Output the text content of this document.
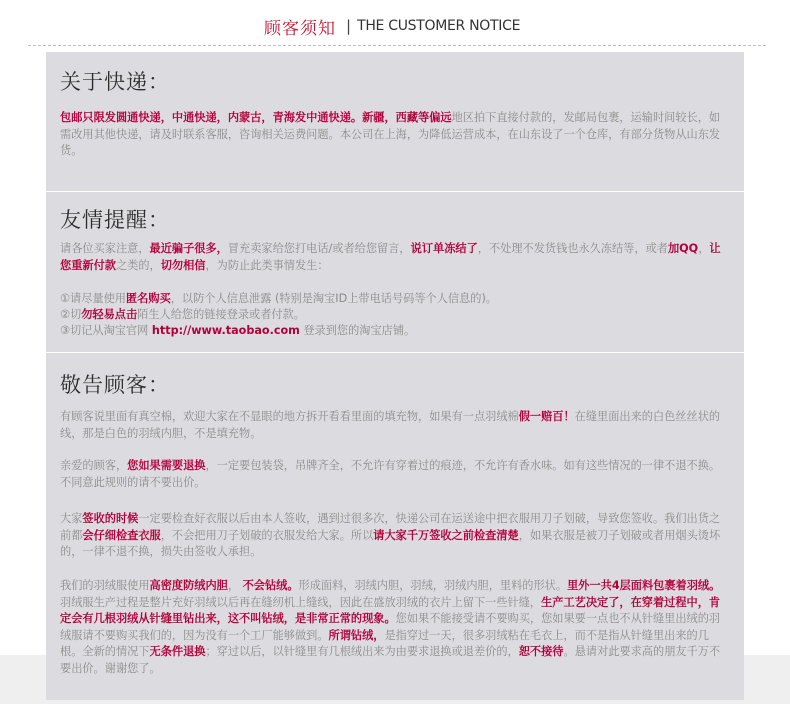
顾客须知 | THE CUSTOMER NOTICE
关于快递：
包邮只限发圆通快递，中通快递，内蒙古，青海发中通快递。新疆，西藏等偏远地区拍下直接付款的，发邮局包裹，运输时间较长，如需改用其他快递，请及时联系客服，咨询相关运费问题。本公司在上海，为降低运营成本，在山东设了一个仓库，有部分货物从山东发货。
友情提醒：
请各位买家注意，最近骗子很多，冒充卖家给您打电话/或者给您留言，说订单冻结了，不处理不发货钱也永久冻结等，或者加QQ，让您重新付款之类的，切勿相信，为防止此类事情发生：
①请尽量使用匿名购买，以防个人信息泄露 (特别是淘宝ID上带电话号码等个人信息的)。
②切勿轻易点击陌生人给您的链接登录或者付款。
③切记从淘宝官网 http://www.taobao.com 登录到您的淘宝店铺。
敬告顾客：
有顾客说里面有真空棉，欢迎大家在不显眼的地方拆开看看里面的填充物，如果有一点羽绒棉假一赔百！在缝里面出来的白色丝丝状的线，那是白色的羽绒内胆，不是填充物。
亲爱的顾客，您如果需要退换，一定要包装袋，吊牌齐全，不允许有穿着过的痕迹，不允许有香水味。如有这些情况的一律不退不换。不同意此规则的请不要出价。
大家签收的时候一定要检查好衣服以后由本人签收，遇到过很多次，快递公司在运送途中把衣服用刀子划破，导致您签收。我们出货之前都会仔细检查衣服，不会把用刀子划破的衣服发给大家。所以请大家千万签收之前检查清楚，如果衣服是被刀子划破或者用烟头烫坏的，一律不退不换，损失由签收人承担。
我们的羽绒服使用高密度防绒内胆， 不会钻绒。形成面料，羽绒内胆，羽绒，羽绒内胆，里料的形状。里外一共4层面料包裹着羽绒。羽绒服生产过程是整片充好羽绒以后再在缝纫机上缝线，因此在盛放羽绒的衣片上留下一些针缝，生产工艺决定了，在穿着过程中，肯定会有几根羽绒从针缝里钻出来，这不叫钻绒，是非常正常的现象。您如果不能接受请不要购买，您如果要一点也不从针缝里出绒的羽绒服请不要购买我们的，因为没有一个工厂能够做到。所谓钻绒，是指穿过一天，很多羽绒粘在毛衣上，而不是指从针缝里出来的几根。全新的情况下无条件退换；穿过以后，以针缝里有几根绒出来为由要求退换或退差价的，恕不接待。悬请对此要求高的朋友千万不要出价。谢谢您了。
